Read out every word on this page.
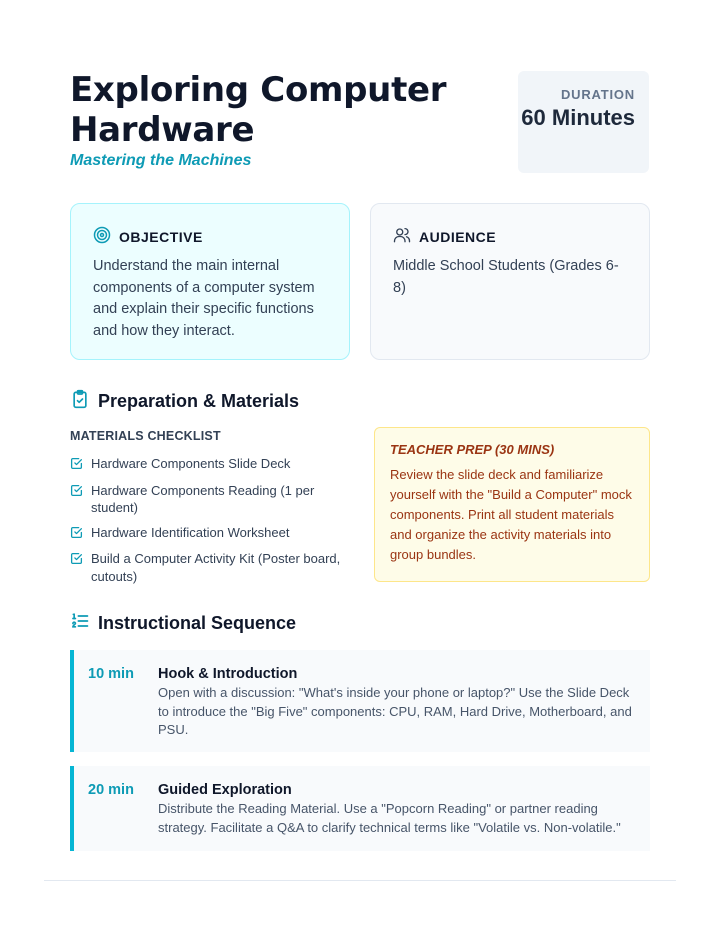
Exploring Computer Hardware
Mastering the Machines
DURATION
60 Minutes
OBJECTIVE
Understand the main internal components of a computer system and explain their specific functions and how they interact.
AUDIENCE
Middle School Students (Grades 6-8)
Preparation & Materials
MATERIALS CHECKLIST
Hardware Components Slide Deck
Hardware Components Reading (1 per student)
Hardware Identification Worksheet
Build a Computer Activity Kit (Poster board, cutouts)
TEACHER PREP (30 MINS)
Review the slide deck and familiarize yourself with the "Build a Computer" mock components. Print all student materials and organize the activity materials into group bundles.
Instructional Sequence
10 min	Hook & Introduction
Open with a discussion: "What's inside your phone or laptop?" Use the Slide Deck to introduce the "Big Five" components: CPU, RAM, Hard Drive, Motherboard, and PSU.
20 min	Guided Exploration
Distribute the Reading Material. Use a "Popcorn Reading" or partner reading strategy. Facilitate a Q&A to clarify technical terms like "Volatile vs. Non-volatile."
